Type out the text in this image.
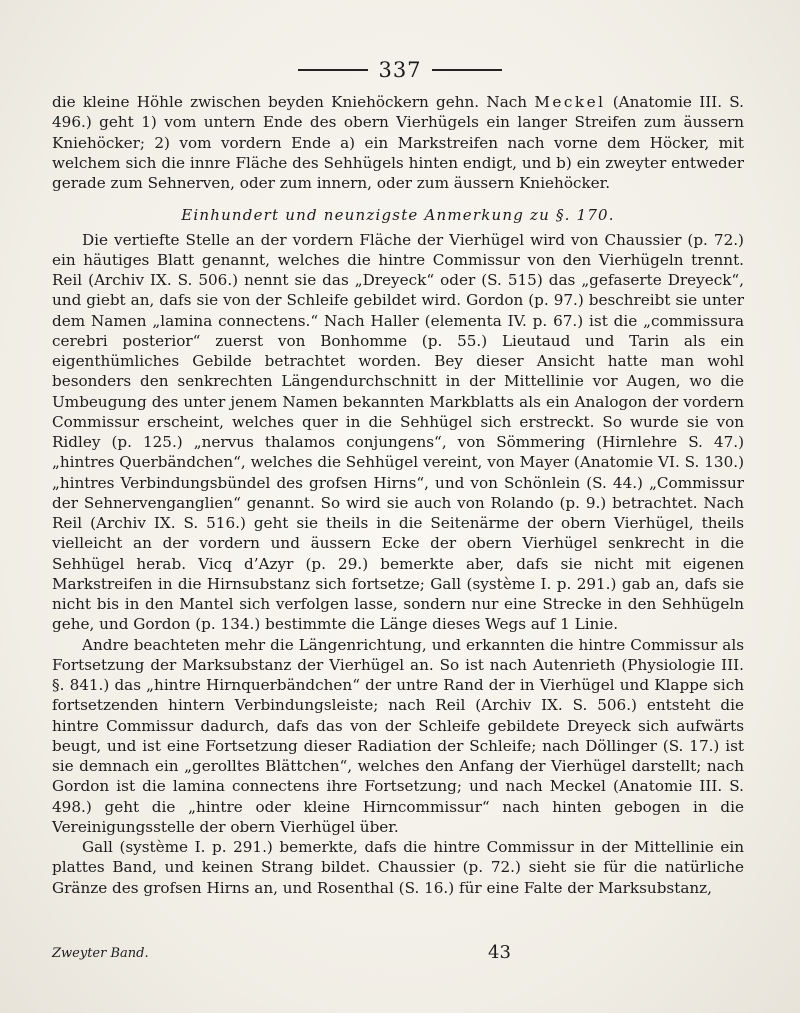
337

die kleine Höhle zwischen beyden Kniehöckern gehn. Nach Meckel (Anatomie III. S. 496.) geht 1) vom untern Ende des obern Vierhügels ein langer Streifen zum äussern Kniehöcker; 2) vom vordern Ende a) ein Markstreifen nach vorne dem Höcker, mit welchem sich die innre Fläche des Sehhügels hinten endigt, und b) ein zweyter entweder gerade zum Sehnerven, oder zum innern, oder zum äussern Kniehöcker.

Einhundert und neunzigste Anmerkung zu §. 170.

Die vertiefte Stelle an der vordern Fläche der Vierhügel wird von Chaussier (p. 72.) ein häutiges Blatt genannt, welches die hintre Commissur von den Vierhügeln trennt. Reil (Archiv IX. S. 506.) nennt sie das „Dreyeck“ oder (S. 515) das „gefaserte Dreyeck“, und giebt an, dafs sie von der Schleife gebildet wird. Gordon (p. 97.) beschreibt sie unter dem Namen „lamina connectens.“ Nach Haller (elementa IV. p. 67.) ist die „commissura cerebri posterior“ zuerst von Bonhomme (p. 55.) Lieutaud und Tarin als ein eigenthümliches Gebilde betrachtet worden. Bey dieser Ansicht hatte man wohl besonders den senkrechten Längendurchschnitt in der Mittellinie vor Augen, wo die Umbeugung des unter jenem Namen bekannten Markblatts als ein Analogon der vordern Commissur erscheint, welches quer in die Sehhügel sich erstreckt. So wurde sie von Ridley (p. 125.) „nervus thalamos conjungens“, von Sömmering (Hirnlehre S. 47.) „hintres Querbändchen“, welches die Sehhügel vereint, von Mayer (Anatomie VI. S. 130.) „hintres Verbindungsbündel des grofsen Hirns“, und von Schönlein (S. 44.) „Commissur der Sehnervenganglien“ genannt. So wird sie auch von Rolando (p. 9.) betrachtet. Nach Reil (Archiv IX. S. 516.) geht sie theils in die Seitenärme der obern Vierhügel, theils vielleicht an der vordern und äussern Ecke der obern Vierhügel senkrecht in die Sehhügel herab. Vicq d’Azyr (p. 29.) bemerkte aber, dafs sie nicht mit eigenen Markstreifen in die Hirnsubstanz sich fortsetze; Gall (système I. p. 291.) gab an, dafs sie nicht bis in den Mantel sich verfolgen lasse, sondern nur eine Strecke in den Sehhügeln gehe, und Gordon (p. 134.) bestimmte die Länge dieses Wegs auf 1 Linie.

Andre beachteten mehr die Längenrichtung, und erkannten die hintre Commissur als Fortsetzung der Marksubstanz der Vierhügel an. So ist nach Autenrieth (Physiologie III. §. 841.) das „hintre Hirnquerbändchen“ der untre Rand der in Vierhügel und Klappe sich fortsetzenden hintern Verbindungsleiste; nach Reil (Archiv IX. S. 506.) entsteht die hintre Commissur dadurch, dafs das von der Schleife gebildete Dreyeck sich aufwärts beugt, und ist eine Fortsetzung dieser Radiation der Schleife; nach Döllinger (S. 17.) ist sie demnach ein „gerolltes Blättchen“, welches den Anfang der Vierhügel darstellt; nach Gordon ist die lamina connectens ihre Fortsetzung; und nach Meckel (Anatomie III. S. 498.) geht die „hintre oder kleine Hirncommissur“ nach hinten gebogen in die Vereinigungsstelle der obern Vierhügel über.

Gall (système I. p. 291.) bemerkte, dafs die hintre Commissur in der Mittellinie ein plattes Band, und keinen Strang bildet. Chaussier (p. 72.) sieht sie für die natürliche Gränze des grofsen Hirns an, und Rosenthal (S. 16.) für eine Falte der Marksubstanz,

Zweyter Band.	43
